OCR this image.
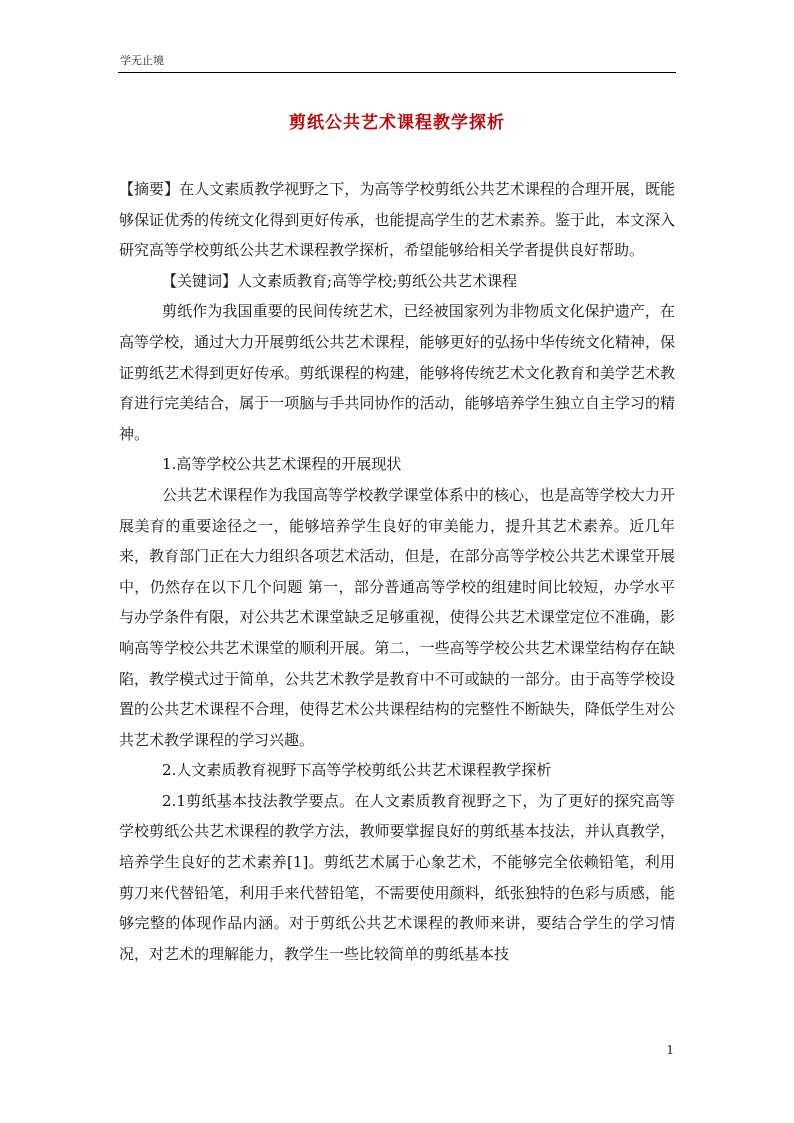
学无止境
剪纸公共艺术课程教学探析

【摘要】在人文素质教学视野之下，为高等学校剪纸公共艺术课程的合理开展，既能够保证优秀的传统文化得到更好传承，也能提高学生的艺术素养。鉴于此，本文深入研究高等学校剪纸公共艺术课程教学探析，希望能够给相关学者提供良好帮助。

【关键词】人文素质教育;高等学校;剪纸公共艺术课程

剪纸作为我国重要的民间传统艺术，已经被国家列为非物质文化保护遗产，在高等学校，通过大力开展剪纸公共艺术课程，能够更好的弘扬中华传统文化精神，保证剪纸艺术得到更好传承。剪纸课程的构建，能够将传统艺术文化教育和美学艺术教育进行完美结合，属于一项脑与手共同协作的活动，能够培养学生独立自主学习的精神。

1.高等学校公共艺术课程的开展现状

公共艺术课程作为我国高等学校教学课堂体系中的核心，也是高等学校大力开展美育的重要途径之一，能够培养学生良好的审美能力，提升其艺术素养。近几年来，教育部门正在大力组织各项艺术活动，但是，在部分高等学校公共艺术课堂开展中，仍然存在以下几个问题 第一，部分普通高等学校的组建时间比较短，办学水平与办学条件有限，对公共艺术课堂缺乏足够重视，使得公共艺术课堂定位不准确，影响高等学校公共艺术课堂的顺利开展。第二，一些高等学校公共艺术课堂结构存在缺陷，教学模式过于简单，公共艺术教学是教育中不可或缺的一部分。由于高等学校设置的公共艺术课程不合理，使得艺术公共课程结构的完整性不断缺失，降低学生对公共艺术教学课程的学习兴趣。

2.人文素质教育视野下高等学校剪纸公共艺术课程教学探析

2.1剪纸基本技法教学要点。在人文素质教育视野之下，为了更好的探究高等学校剪纸公共艺术课程的教学方法，教师要掌握良好的剪纸基本技法，并认真教学，培养学生良好的艺术素养[1]。剪纸艺术属于心象艺术，不能够完全依赖铅笔，利用剪刀来代替铅笔，利用手来代替铅笔，不需要使用颜料，纸张独特的色彩与质感，能够完整的体现作品内涵。对于剪纸公共艺术课程的教师来讲，要结合学生的学习情况，对艺术的理解能力，教学生一些比较简单的剪纸基本技

1
